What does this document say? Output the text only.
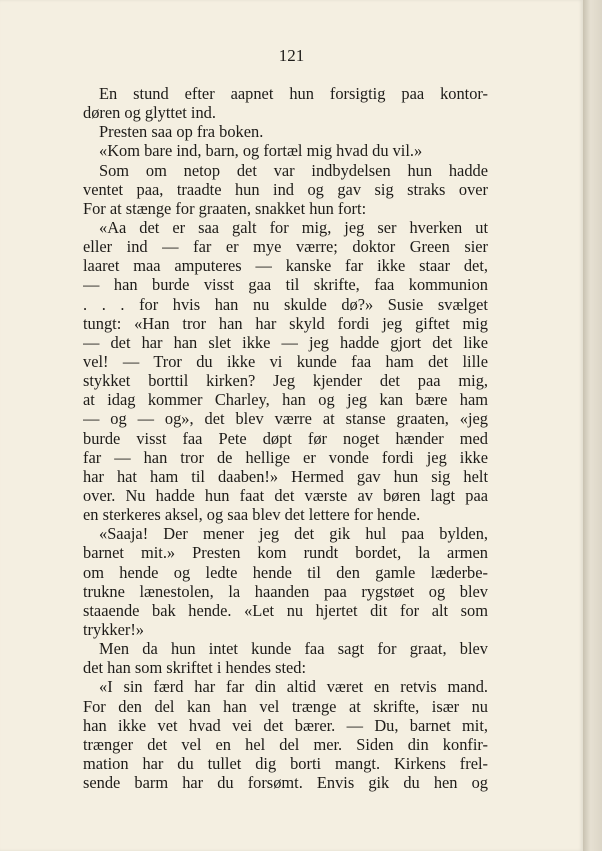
121
En stund efter aapnet hun forsigtig paa kontor-
døren og glyttet ind.
Presten saa op fra boken.
«Kom bare ind, barn, og fortæl mig hvad du vil.»
Som om netop det var indbydelsen hun hadde
ventet paa, traadte hun ind og gav sig straks over
For at stænge for graaten, snakket hun fort:
«Aa det er saa galt for mig, jeg ser hverken ut
eller ind — far er mye værre; doktor Green sier
laaret maa amputeres — kanske far ikke staar det,
— han burde visst gaa til skrifte, faa kommunion
. . . for hvis han nu skulde dø?» Susie svælget
tungt: «Han tror han har skyld fordi jeg giftet mig
— det har han slet ikke — jeg hadde gjort det like
vel! — Tror du ikke vi kunde faa ham det lille
stykket borttil kirken? Jeg kjender det paa mig,
at idag kommer Charley, han og jeg kan bære ham
— og — og», det blev værre at stanse graaten, «jeg
burde visst faa Pete døpt før noget hænder med
far — han tror de hellige er vonde fordi jeg ikke
har hat ham til daaben!» Hermed gav hun sig helt
over. Nu hadde hun faat det værste av børen lagt paa
en sterkeres aksel, og saa blev det lettere for hende.
«Saaja! Der mener jeg det gik hul paa bylden,
barnet mit.» Presten kom rundt bordet, la armen
om hende og ledte hende til den gamle læderbe-
trukne lænestolen, la haanden paa rygstøet og blev
staaende bak hende. «Let nu hjertet dit for alt som
trykker!»
Men da hun intet kunde faa sagt for graat, blev
det han som skriftet i hendes sted:
«I sin færd har far din altid været en retvis mand.
For den del kan han vel trænge at skrifte, især nu
han ikke vet hvad vei det bærer. — Du, barnet mit,
trænger det vel en hel del mer. Siden din konfir-
mation har du tullet dig borti mangt. Kirkens frel-
sende barm har du forsømt. Envis gik du hen og
